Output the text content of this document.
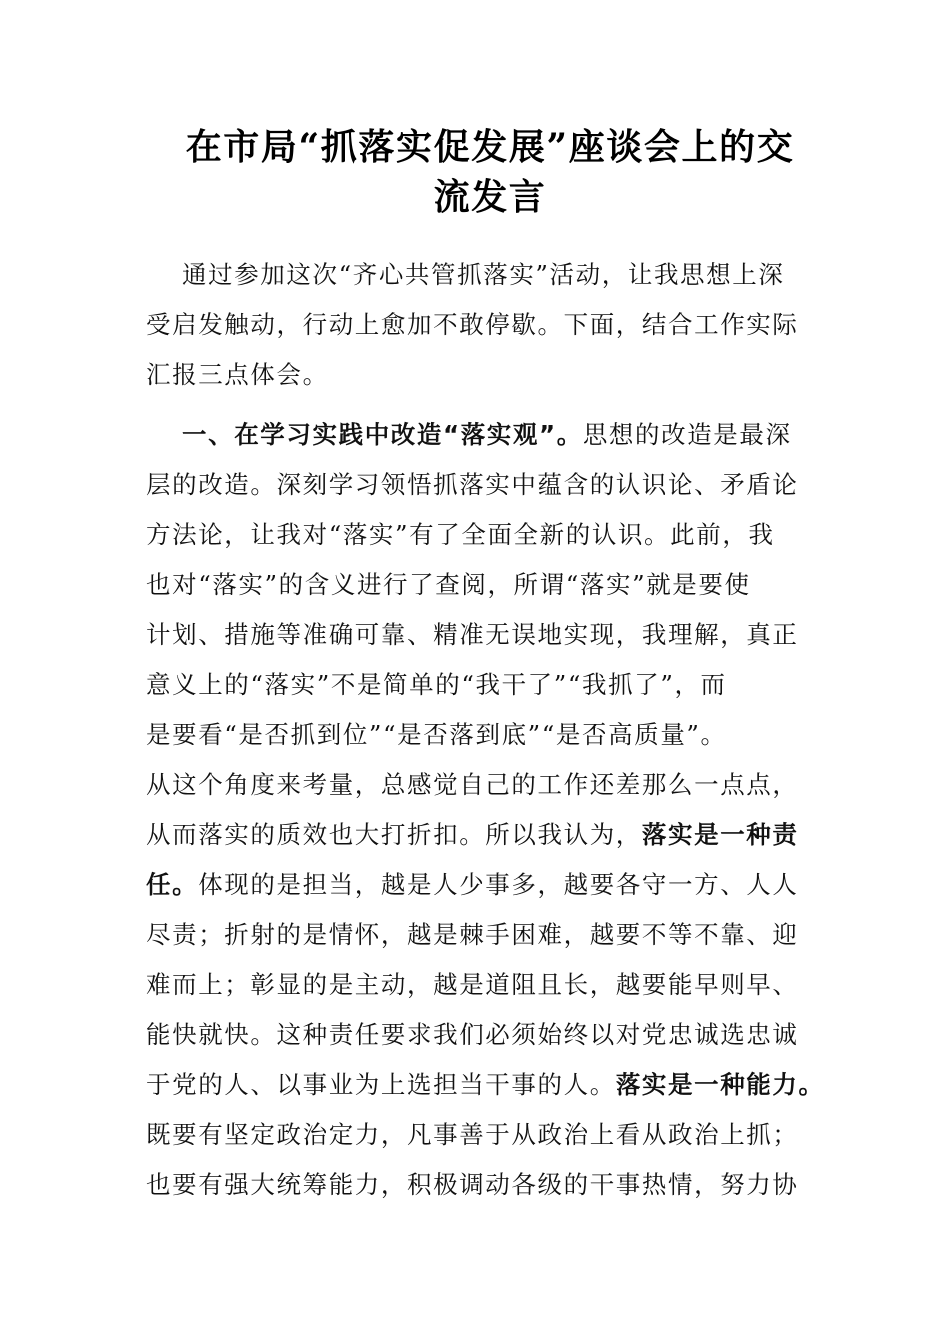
在市局“抓落实促发展”座谈会上的交
流发言
通过参加这次“齐心共管抓落实”活动，让我思想上深
受启发触动，行动上愈加不敢停歇。下面，结合工作实际
汇报三点体会。
一、在学习实践中改造“落实观”。思想的改造是最深
层的改造。深刻学习领悟抓落实中蕴含的认识论、矛盾论
方法论，让我对“落实”有了全面全新的认识。此前，我
也对“落实”的含义进行了查阅，所谓“落实”就是要使
计划、措施等准确可靠、精准无误地实现，我理解，真正
意义上的“落实”不是简单的“我干了”“我抓了”，而
是要看“是否抓到位”“是否落到底”“是否高质量”。
从这个角度来考量，总感觉自己的工作还差那么一点点，
从而落实的质效也大打折扣。所以我认为，落实是一种责
任。体现的是担当，越是人少事多，越要各守一方、人人
尽责；折射的是情怀，越是棘手困难，越要不等不靠、迎
难而上；彰显的是主动，越是道阻且长，越要能早则早、
能快就快。这种责任要求我们必须始终以对党忠诚选忠诚
于党的人、以事业为上选担当干事的人。落实是一种能力。
既要有坚定政治定力，凡事善于从政治上看从政治上抓；
也要有强大统筹能力，积极调动各级的干事热情，努力协
